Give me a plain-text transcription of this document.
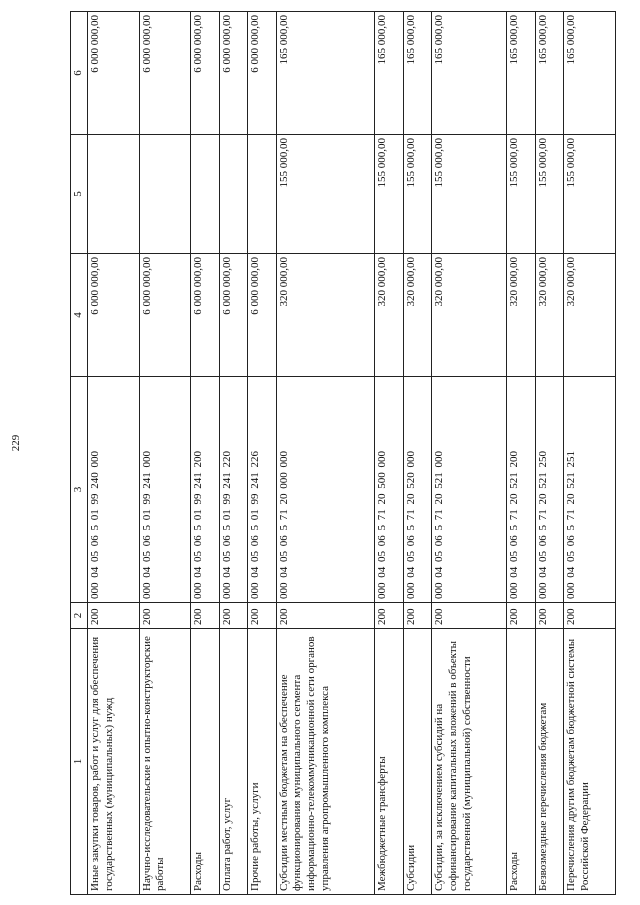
229
1	2	3	4	5	6
Иные закупки товаров, работ и услуг для обеспечения государственных (муниципальных) нужд	200	000 04 05 06 5 01 99 240 000	6 000 000,00		6 000 000,00
Научно-исследовательские и опытно-конструкторские работы	200	000 04 05 06 5 01 99 241 000	6 000 000,00		6 000 000,00
Расходы	200	000 04 05 06 5 01 99 241 200	6 000 000,00		6 000 000,00
Оплата работ, услуг	200	000 04 05 06 5 01 99 241 220	6 000 000,00		6 000 000,00
Прочие работы, услуги	200	000 04 05 06 5 01 99 241 226	6 000 000,00		6 000 000,00
Субсидии местным бюджетам на обеспечение функционирования муниципального сегмента информационно-телекоммуникационной сети органов управления агропромышленного комплекса	200	000 04 05 06 5 71 20 000 000	320 000,00	155 000,00	165 000,00
Межбюджетные трансферты	200	000 04 05 06 5 71 20 500 000	320 000,00	155 000,00	165 000,00
Субсидии	200	000 04 05 06 5 71 20 520 000	320 000,00	155 000,00	165 000,00
Субсидии, за исключением субсидий на софинансирование капитальных вложений в объекты государственной (муниципальной) собственности	200	000 04 05 06 5 71 20 521 000	320 000,00	155 000,00	165 000,00
Расходы	200	000 04 05 06 5 71 20 521 200	320 000,00	155 000,00	165 000,00
Безвозмездные перечисления бюджетам	200	000 04 05 06 5 71 20 521 250	320 000,00	155 000,00	165 000,00
Перечисления другим бюджетам бюджетной системы Российской Федерации	200	000 04 05 06 5 71 20 521 251	320 000,00	155 000,00	165 000,00
